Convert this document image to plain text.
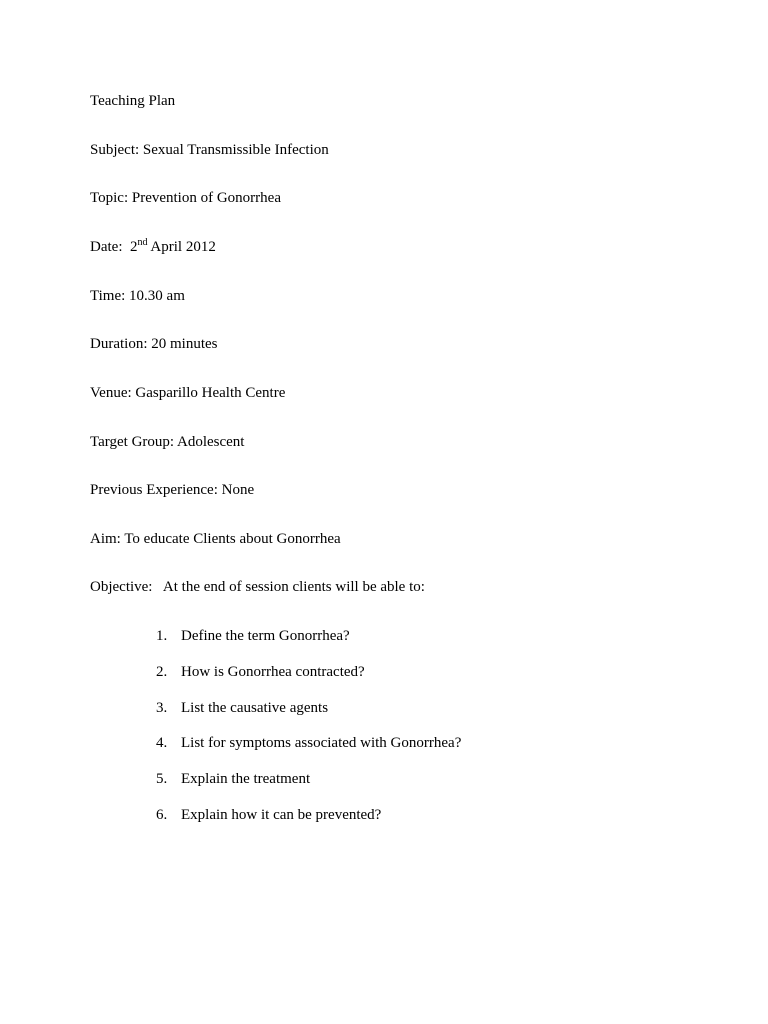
Teaching Plan
Subject: Sexual Transmissible Infection
Topic: Prevention of Gonorrhea
Date:  2nd April 2012
Time: 10.30 am
Duration: 20 minutes
Venue: Gasparillo Health Centre
Target Group: Adolescent
Previous Experience: None
Aim: To educate Clients about Gonorrhea
Objective:   At the end of session clients will be able to:
1. Define the term Gonorrhea?
2. How is Gonorrhea contracted?
3. List the causative agents
4. List for symptoms associated with Gonorrhea?
5. Explain the treatment
6. Explain how it can be prevented?
